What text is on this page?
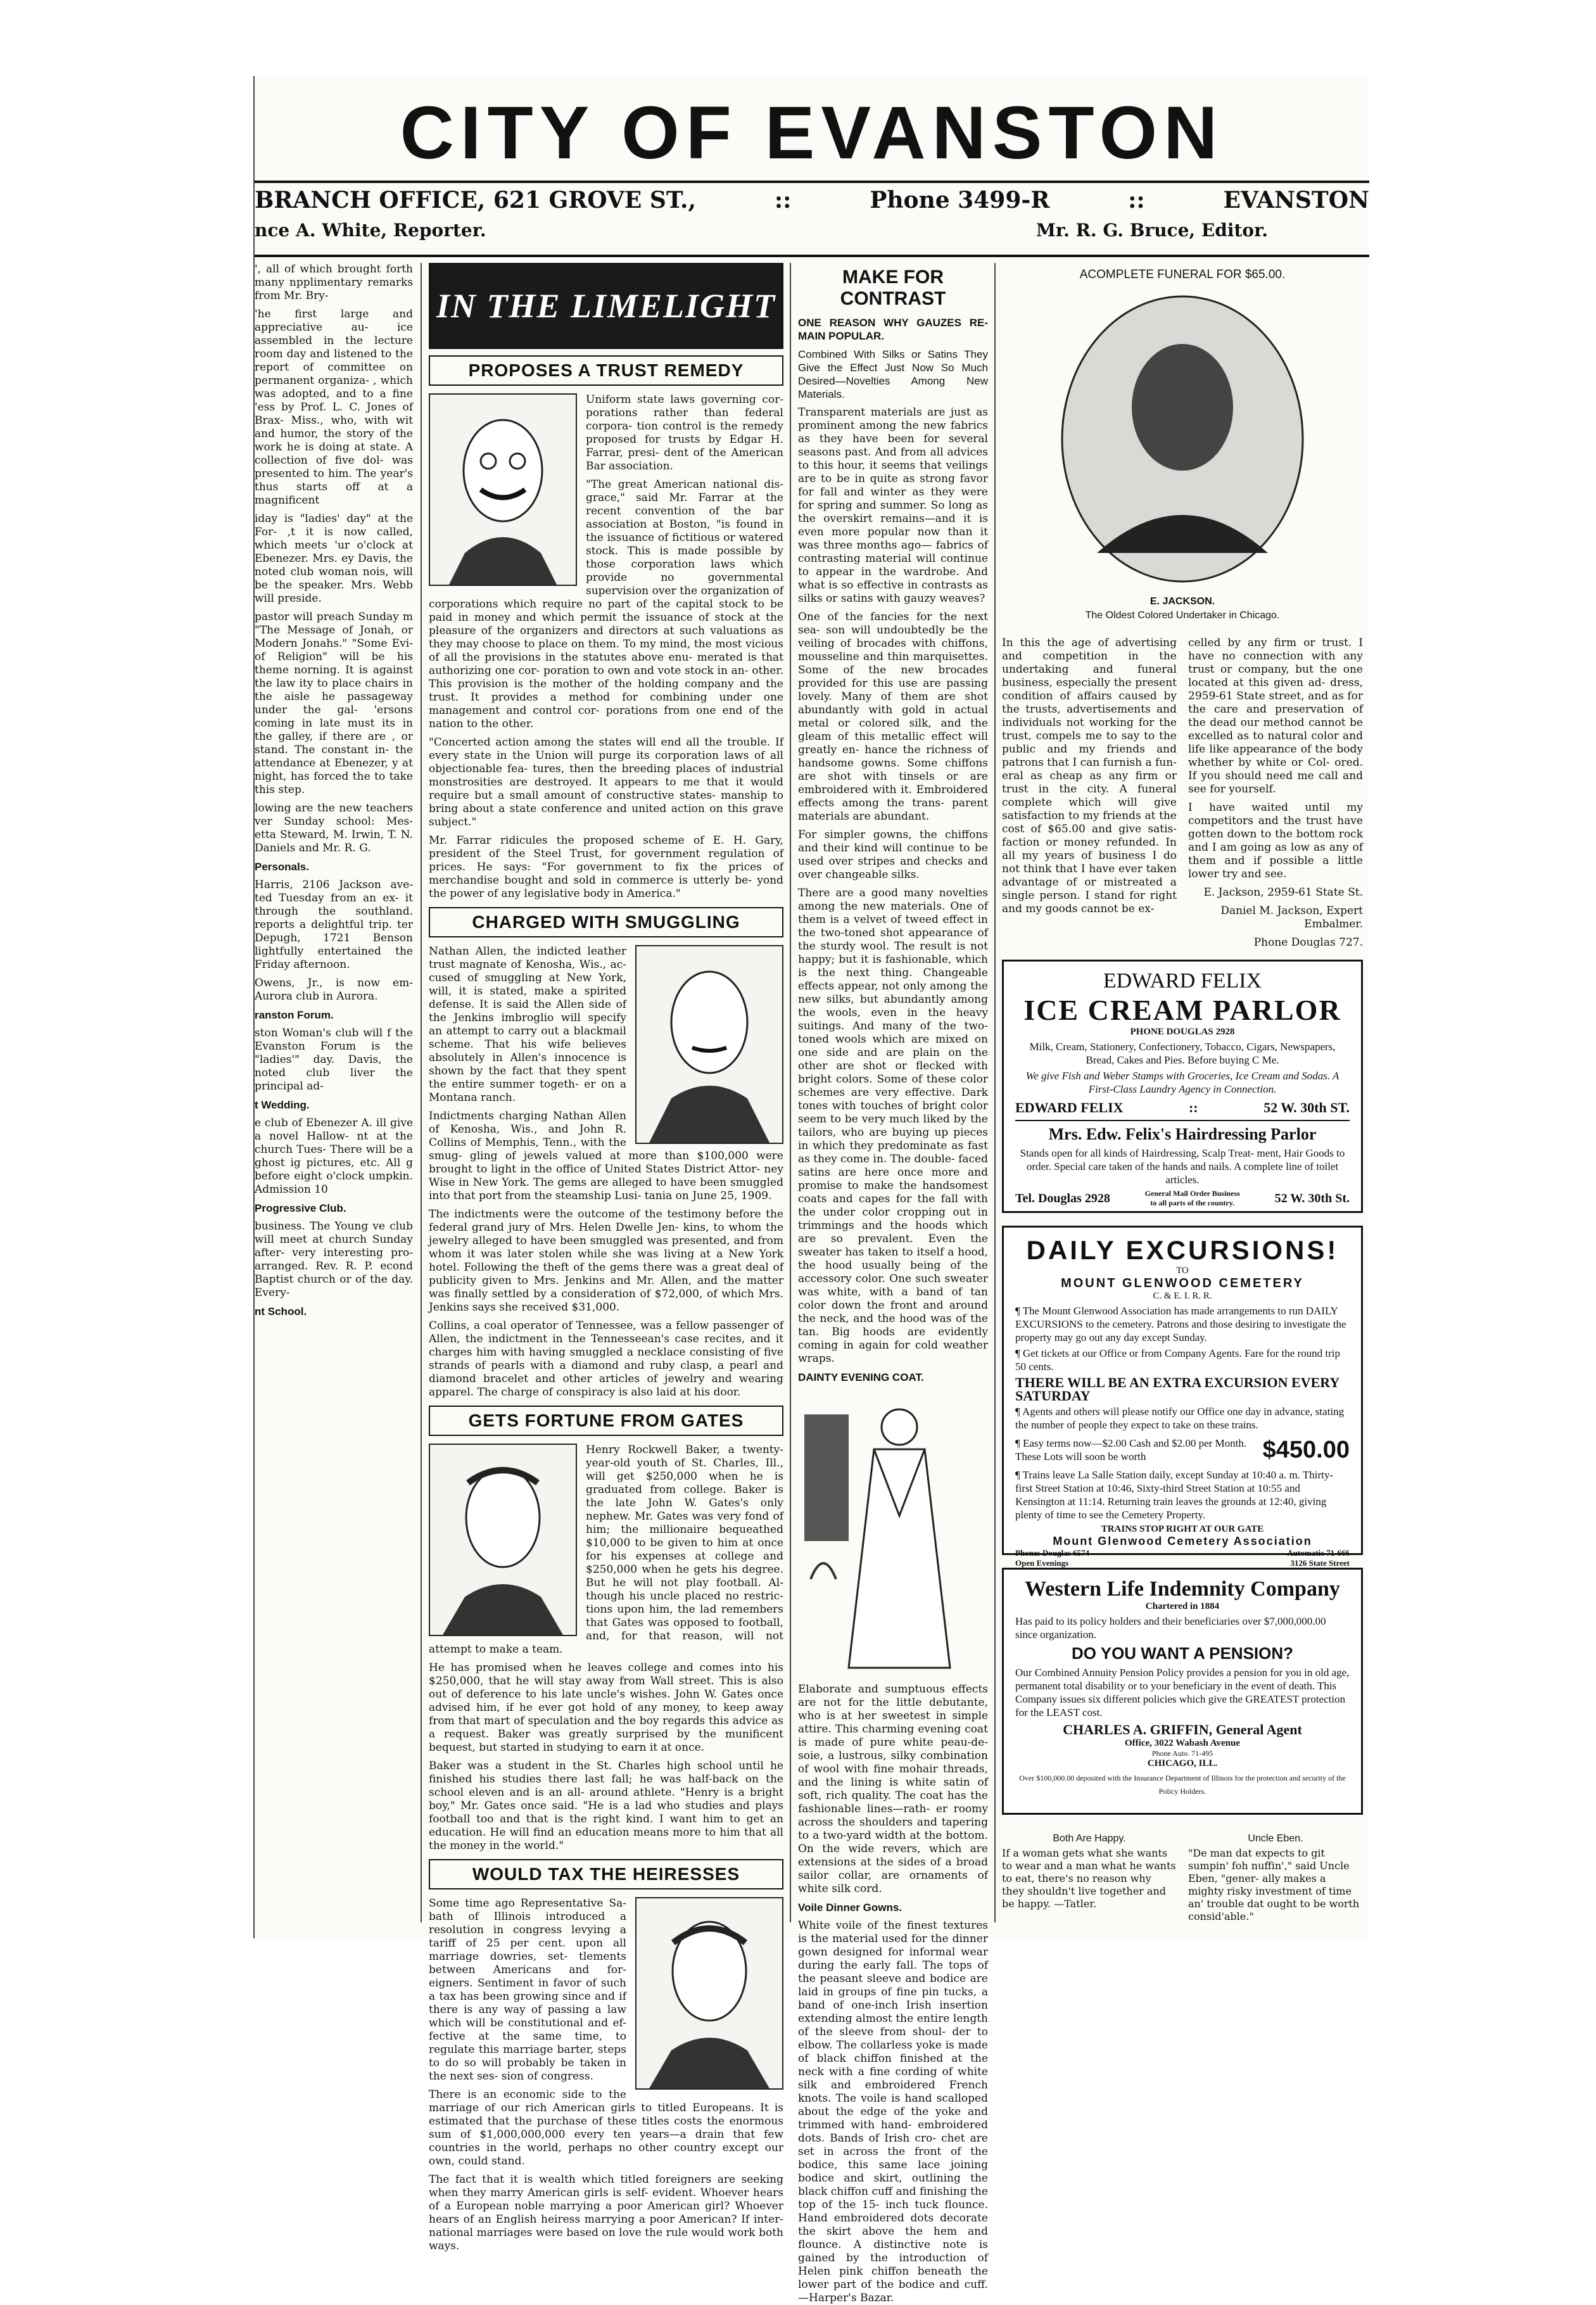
CITY OF EVANSTON
BRANCH OFFICE, 621 GROVE ST.,	::	Phone 3499-R	::	EVANSTON
nce A. White, Reporter.	Mr. R. G. Bruce, Editor.

', all of which brought forth many npplimentary remarks from Mr. Bry-

'he first large and appreciative au- ice assembled in the lecture room day and listened to the report of committee on permanent organiza- , which was adopted, and to a fine 'ess by Prof. L. C. Jones of Brax- Miss., who, with wit and humor, the story of the work he is doing at state. A collection of five dol- was presented to him. The year's thus starts off at a magnificent

iday is "ladies' day" at the For- ,t it is now called, which meets 'ur o'clock at Ebenezer. Mrs. ey Davis, the noted club woman nois, will be the speaker. Mrs. Webb will preside.

pastor will preach Sunday m "The Message of Jonah, or Modern Jonahs." "Some Evi- of Religion" will be his theme norning. It is against the law ity to place chairs in the aisle he passageway under the gal- 'ersons coming in late must its in the galley, if there are , or stand. The constant in- the attendance at Ebenezer, y at night, has forced the to take this step.

lowing are the new teachers ver Sunday school: Mes- etta Steward, M. Irwin, T. N. Daniels and Mr. R. G.

Personals.

Harris, 2106 Jackson ave- ted Tuesday from an ex- it through the southland. reports a delightful trip. ter Depugh, 1721 Benson lightfully entertained the Friday afternoon.

Owens, Jr., is now em- Aurora club in Aurora.

ranston Forum.

ston Woman's club will f the Evanston Forum is the "ladies'" day. Davis, the noted club liver the principal ad-

t Wedding.

e club of Ebenezer A. ill give a novel Hallow- nt at the church Tues- There will be a ghost ig pictures, etc. All g before eight o'clock umpkin. Admission 10

Progressive Club.

business. The Young ve club will meet at church Sunday after- very interesting pro- arranged. Rev. R. P. econd Baptist church or of the day. Every-

nt School.

IN THE LIMELIGHT
PROPOSES A TRUST REMEDY

Uniform state laws governing cor- porations rather than federal corpora- tion control is the remedy proposed for trusts by Edgar H. Farrar, presi- dent of the American Bar association.

"The great American national dis- grace," said Mr. Farrar at the recent convention of the bar association at Boston, "is found in the issuance of fictitious or watered stock. This is made possible by those corporation laws which provide no governmental supervision over the organization of corporations which require no part of the capital stock to be paid in money and which permit the issuance of stock at the pleasure of the organizers and directors at such valuations as they may choose to place on them. To my mind, the most vicious of all the provisions in the statutes above enu- merated is that authorizing one cor- poration to own and vote stock in an- other. This provision is the mother of the holding company and the trust. It provides a method for combining under one management and control cor- porations from one end of the nation to the other.

"Concerted action among the states will end all the trouble. If every state in the Union will purge its corporation laws of all objectionable fea- tures, then the breeding places of industrial monstrosities are destroyed. It appears to me that it would require but a small amount of constructive states- manship to bring about a state conference and united action on this grave subject."

Mr. Farrar ridicules the proposed scheme of E. H. Gary, president of the Steel Trust, for government regulation of prices. He says: "For government to fix the prices of merchandise bought and sold in commerce is utterly be- yond the power of any legislative body in America."

CHARGED WITH SMUGGLING

Nathan Allen, the indicted leather trust magnate of Kenosha, Wis., ac- cused of smuggling at New York, will, it is stated, make a spirited defense. It is said the Allen side of the Jenkins imbroglio will specify an attempt to carry out a blackmail scheme. That his wife believes absolutely in Allen's innocence is shown by the fact that they spent the entire summer togeth- er on a Montana ranch.

Indictments charging Nathan Allen of Kenosha, Wis., and John R. Collins of Memphis, Tenn., with the smug- gling of jewels valued at more than $100,000 were brought to light in the office of United States District Attor- ney Wise in New York. The gems are alleged to have been smuggled into that port from the steamship Lusi- tania on June 25, 1909.

The indictments were the outcome of the testimony before the federal grand jury of Mrs. Helen Dwelle Jen- kins, to whom the jewelry alleged to have been smuggled was presented, and from whom it was later stolen while she was living at a New York hotel. Following the theft of the gems there was a great deal of publicity given to Mrs. Jenkins and Mr. Allen, and the matter was finally settled by a consideration of $72,000, of which Mrs. Jenkins says she received $31,000.

Collins, a coal operator of Tennessee, was a fellow passenger of Allen, the indictment in the Tennesseean's case recites, and it charges him with having smuggled a necklace consisting of five strands of pearls with a diamond and ruby clasp, a pearl and diamond bracelet and other articles of jewelry and wearing apparel. The charge of conspiracy is also laid at his door.

GETS FORTUNE FROM GATES

Henry Rockwell Baker, a twenty- year-old youth of St. Charles, Ill., will get $250,000 when he is graduated from college. Baker is the late John W. Gates's only nephew. Mr. Gates was very fond of him; the millionaire bequeathed $10,000 to be given to him at once for his expenses at college and $250,000 when he gets his degree. But he will not play football. Al- though his uncle placed no restric- tions upon him, the lad remembers that Gates was opposed to football, and, for that reason, will not attempt to make a team.

He has promised when he leaves college and comes into his $250,000, that he will stay away from Wall street. This is also out of deference to his late uncle's wishes. John W. Gates once advised him, if he ever got hold of any money, to keep away from that mart of speculation and the boy regards this advice as a request. Baker was greatly surprised by the munificent bequest, but started in studying to earn it at once.

Baker was a student in the St. Charles high school until he finished his studies there last fall; he was half-back on the school eleven and is an all- around athlete. "Henry is a bright boy," Mr. Gates once said. "He is a lad who studies and plays football too and that is the right kind. I want him to get an education. He will find an education means more to him that all the money in the world."

WOULD TAX THE HEIRESSES

Some time ago Representative Sa- bath of Illinois introduced a resolution in congress levying a tariff of 25 per cent. upon all marriage dowries, set- tlements between Americans and for- eigners. Sentiment in favor of such a tax has been growing since and if there is any way of passing a law which will be constitutional and ef- fective at the same time, to regulate this marriage barter, steps to do so will probably be taken in the next ses- sion of congress.

There is an economic side to the marriage of our rich American girls to titled Europeans. It is estimated that the purchase of these titles costs the enormous sum of $1,000,000,000 every ten years—a drain that few countries in the world, perhaps no other country except our own, could stand.

The fact that it is wealth which titled foreigners are seeking when they marry American girls is self- evident. Whoever hears of a European noble marrying a poor American girl? Whoever hears of an English heiress marrying a poor American? If inter- national marriages were based on love the rule would work both ways.

MAKE FOR CONTRAST

ONE REASON WHY GAUZES RE- MAIN POPULAR.

Combined With Silks or Satins They Give the Effect Just Now So Much Desired—Novelties Among New Materials.

Transparent materials are just as prominent among the new fabrics as they have been for several seasons past. And from all advices to this hour, it seems that veilings are to be in quite as strong favor for fall and winter as they were for spring and summer. So long as the overskirt remains—and it is even more popular now than it was three months ago— fabrics of contrasting material will continue to appear in the wardrobe. And what is so effective in contrasts as silks or satins with gauzy weaves?

One of the fancies for the next sea- son will undoubtedly be the veiling of brocades with chiffons, mousseline and thin marquisettes. Some of the new brocades provided for this use are passing lovely. Many of them are shot abundantly with gold in actual metal or colored silk, and the gleam of this metallic effect will greatly en- hance the richness of handsome gowns. Some chiffons are shot with tinsels or are embroidered with it. Embroidered effects among the trans- parent materials are abundant.

For simpler gowns, the chiffons and their kind will continue to be used over stripes and checks and over changeable silks.

There are a good many novelties among the new materials. One of them is a velvet of tweed effect in the two-toned shot appearance of the sturdy wool. The result is not happy; but it is fashionable, which is the next thing. Changeable effects appear, not only among the new silks, but abundantly among the wools, even in the heavy suitings. And many of the two-toned wools which are mixed on one side and are plain on the other are shot or flecked with bright colors. Some of these color schemes are very effective. Dark tones with touches of bright color seem to be very much liked by the tailors, who are buying up pieces in which they predominate as fast as they come in. The double- faced satins are here once more and promise to make the handsomest coats and capes for the fall with the under color cropping out in trimmings and the hoods which are so prevalent. Even the sweater has taken to itself a hood, the hood usually being of the accessory color. One such sweater was white, with a band of tan color down the front and around the neck, and the hood was of the tan. Big hoods are evidently coming in again for cold weather wraps.

DAINTY EVENING COAT.

Elaborate and sumptuous effects are not for the little debutante, who is at her sweetest in simple attire. This charming evening coat is made of pure white peau-de-soie, a lustrous, silky combination of wool with fine mohair threads, and the lining is white satin of soft, rich quality. The coat has the fashionable lines—rath- er roomy across the shoulders and tapering to a two-yard width at the bottom. On the wide revers, which are extensions at the sides of a broad sailor collar, are ornaments of white silk cord.

Voile Dinner Gowns.

White voile of the finest textures is the material used for the dinner gown designed for informal wear during the early fall. The tops of the peasant sleeve and bodice are laid in groups of fine pin tucks, a band of one-inch Irish insertion extending almost the entire length of the sleeve from shoul- der to elbow. The collarless yoke is made of black chiffon finished at the neck with a fine cording of white silk and embroidered French knots. The voile is hand scalloped about the edge of the yoke and trimmed with hand- embroidered dots. Bands of Irish cro- chet are set in across the front of the bodice, this same lace joining bodice and skirt, outlining the black chiffon cuff and finishing the top of the 15- inch tuck flounce. Hand embroidered dots decorate the skirt above the hem and flounce. A distinctive note is gained by the introduction of Helen pink chiffon beneath the lower part of the bodice and cuff.—Harper's Bazar.

ACOMPLETE FUNERAL FOR $65.00.
E. JACKSON.
The Oldest Colored Undertaker in Chicago.

In this the age of advertising and competition in the undertaking and funeral business, especially the present condition of affairs caused by the trusts, advertisements and individuals not working for the trust, compels me to say to the public and my friends and patrons that I can furnish a fun- eral as cheap as any firm or trust in the city. A funeral complete which will give satisfaction to my friends at the cost of $65.00 and give satis- faction or money refunded. In all my years of business I do not think that I have ever taken advantage of or mistreated a single person. I stand for right and my goods cannot be ex-

celled by any firm or trust. I have no connection with any trust or company, but the one located at this given ad- dress, 2959-61 State street, and as for the care and preservation of the dead our method cannot be excelled as to natural color and life like appearance of the body whether by white or Col- ored. If you should need me call and see for yourself.

I have waited until my competitors and the trust have gotten down to the bottom rock and I am going as low as any of them and if possible a little lower try and see.

E. Jackson, 2959-61 State St.

Daniel M. Jackson, Expert Embalmer.

Phone Douglas 727.

EDWARD FELIX
ICE CREAM PARLOR
PHONE DOUGLAS 2928

Milk, Cream, Stationery, Confectionery, Tobacco, Cigars, Newspapers, Bread, Cakes and Pies. Before buying C Me.

We give Fish and Weber Stamps with Groceries, Ice Cream and Sodas. A First-Class Laundry Agency in Connection.

EDWARD FELIX	::	52 W. 30th ST.
Mrs. Edw. Felix's Hairdressing Parlor

Stands open for all kinds of Hairdressing, Scalp Treat- ment, Hair Goods to order. Special care taken of the hands and nails. A complete line of toilet articles.

Tel. Douglas 2928	General Mail Order Business to all parts of the country.	52 W. 30th St.
DAILY EXCURSIONS!
TO
MOUNT GLENWOOD CEMETERY
C. & E. I. R. R.

¶ The Mount Glenwood Association has made arrangements to run DAILY EXCURSIONS to the cemetery. Patrons and those desiring to investigate the property may go out any day except Sunday.

¶ Get tickets at our Office or from Company Agents. Fare for the round trip 50 cents.

THERE WILL BE AN EXTRA EXCURSION EVERY SATURDAY

¶ Agents and others will please notify our Office one day in advance, stating the number of people they expect to take on these trains.

¶ Easy terms now—$2.00 Cash and $2.00 per Month. These Lots will soon be worth	$450.00

¶ Trains leave La Salle Station daily, except Sunday at 10:40 a. m. Thirty-first Street Station at 10:46, Sixty-third Street Station at 10:55 and Kensington at 11:14. Returning train leaves the grounds at 12:40, giving plenty of time to see the Cemetery Property.

TRAINS STOP RIGHT AT OUR GATE
Mount Glenwood Cemetery Association
Phones Douglas 6574	Automatic 71-666
Open Evenings	3126 State Street
Western Life Indemnity Company
Chartered in 1884

Has paid to its policy holders and their beneficiaries over $7,000,000.00 since organization.

DO YOU WANT A PENSION?

Our Combined Annuity Pension Policy provides a pension for you in old age, permanent total disability or to your beneficiary in the event of death. This Company issues six different policies which give the GREATEST protection for the LEAST cost.

CHARLES A. GRIFFIN, General Agent
Office, 3022 Wabash Avenue
Phone Auto. 71-495
CHICAGO, ILL.

Over $100,000.00 deposited with the Insurance Department of Illinois for the protection and security of the Policy Holders.

Both Are Happy.

If a woman gets what she wants to wear and a man what he wants to eat, there's no reason why they shouldn't live together and be happy. —Tatler.

Uncle Eben.

"De man dat expects to git sumpin' foh nuffin'," said Uncle Eben, "gener- ally makes a mighty risky investment of time an' trouble dat ought to be worth consid'able."
